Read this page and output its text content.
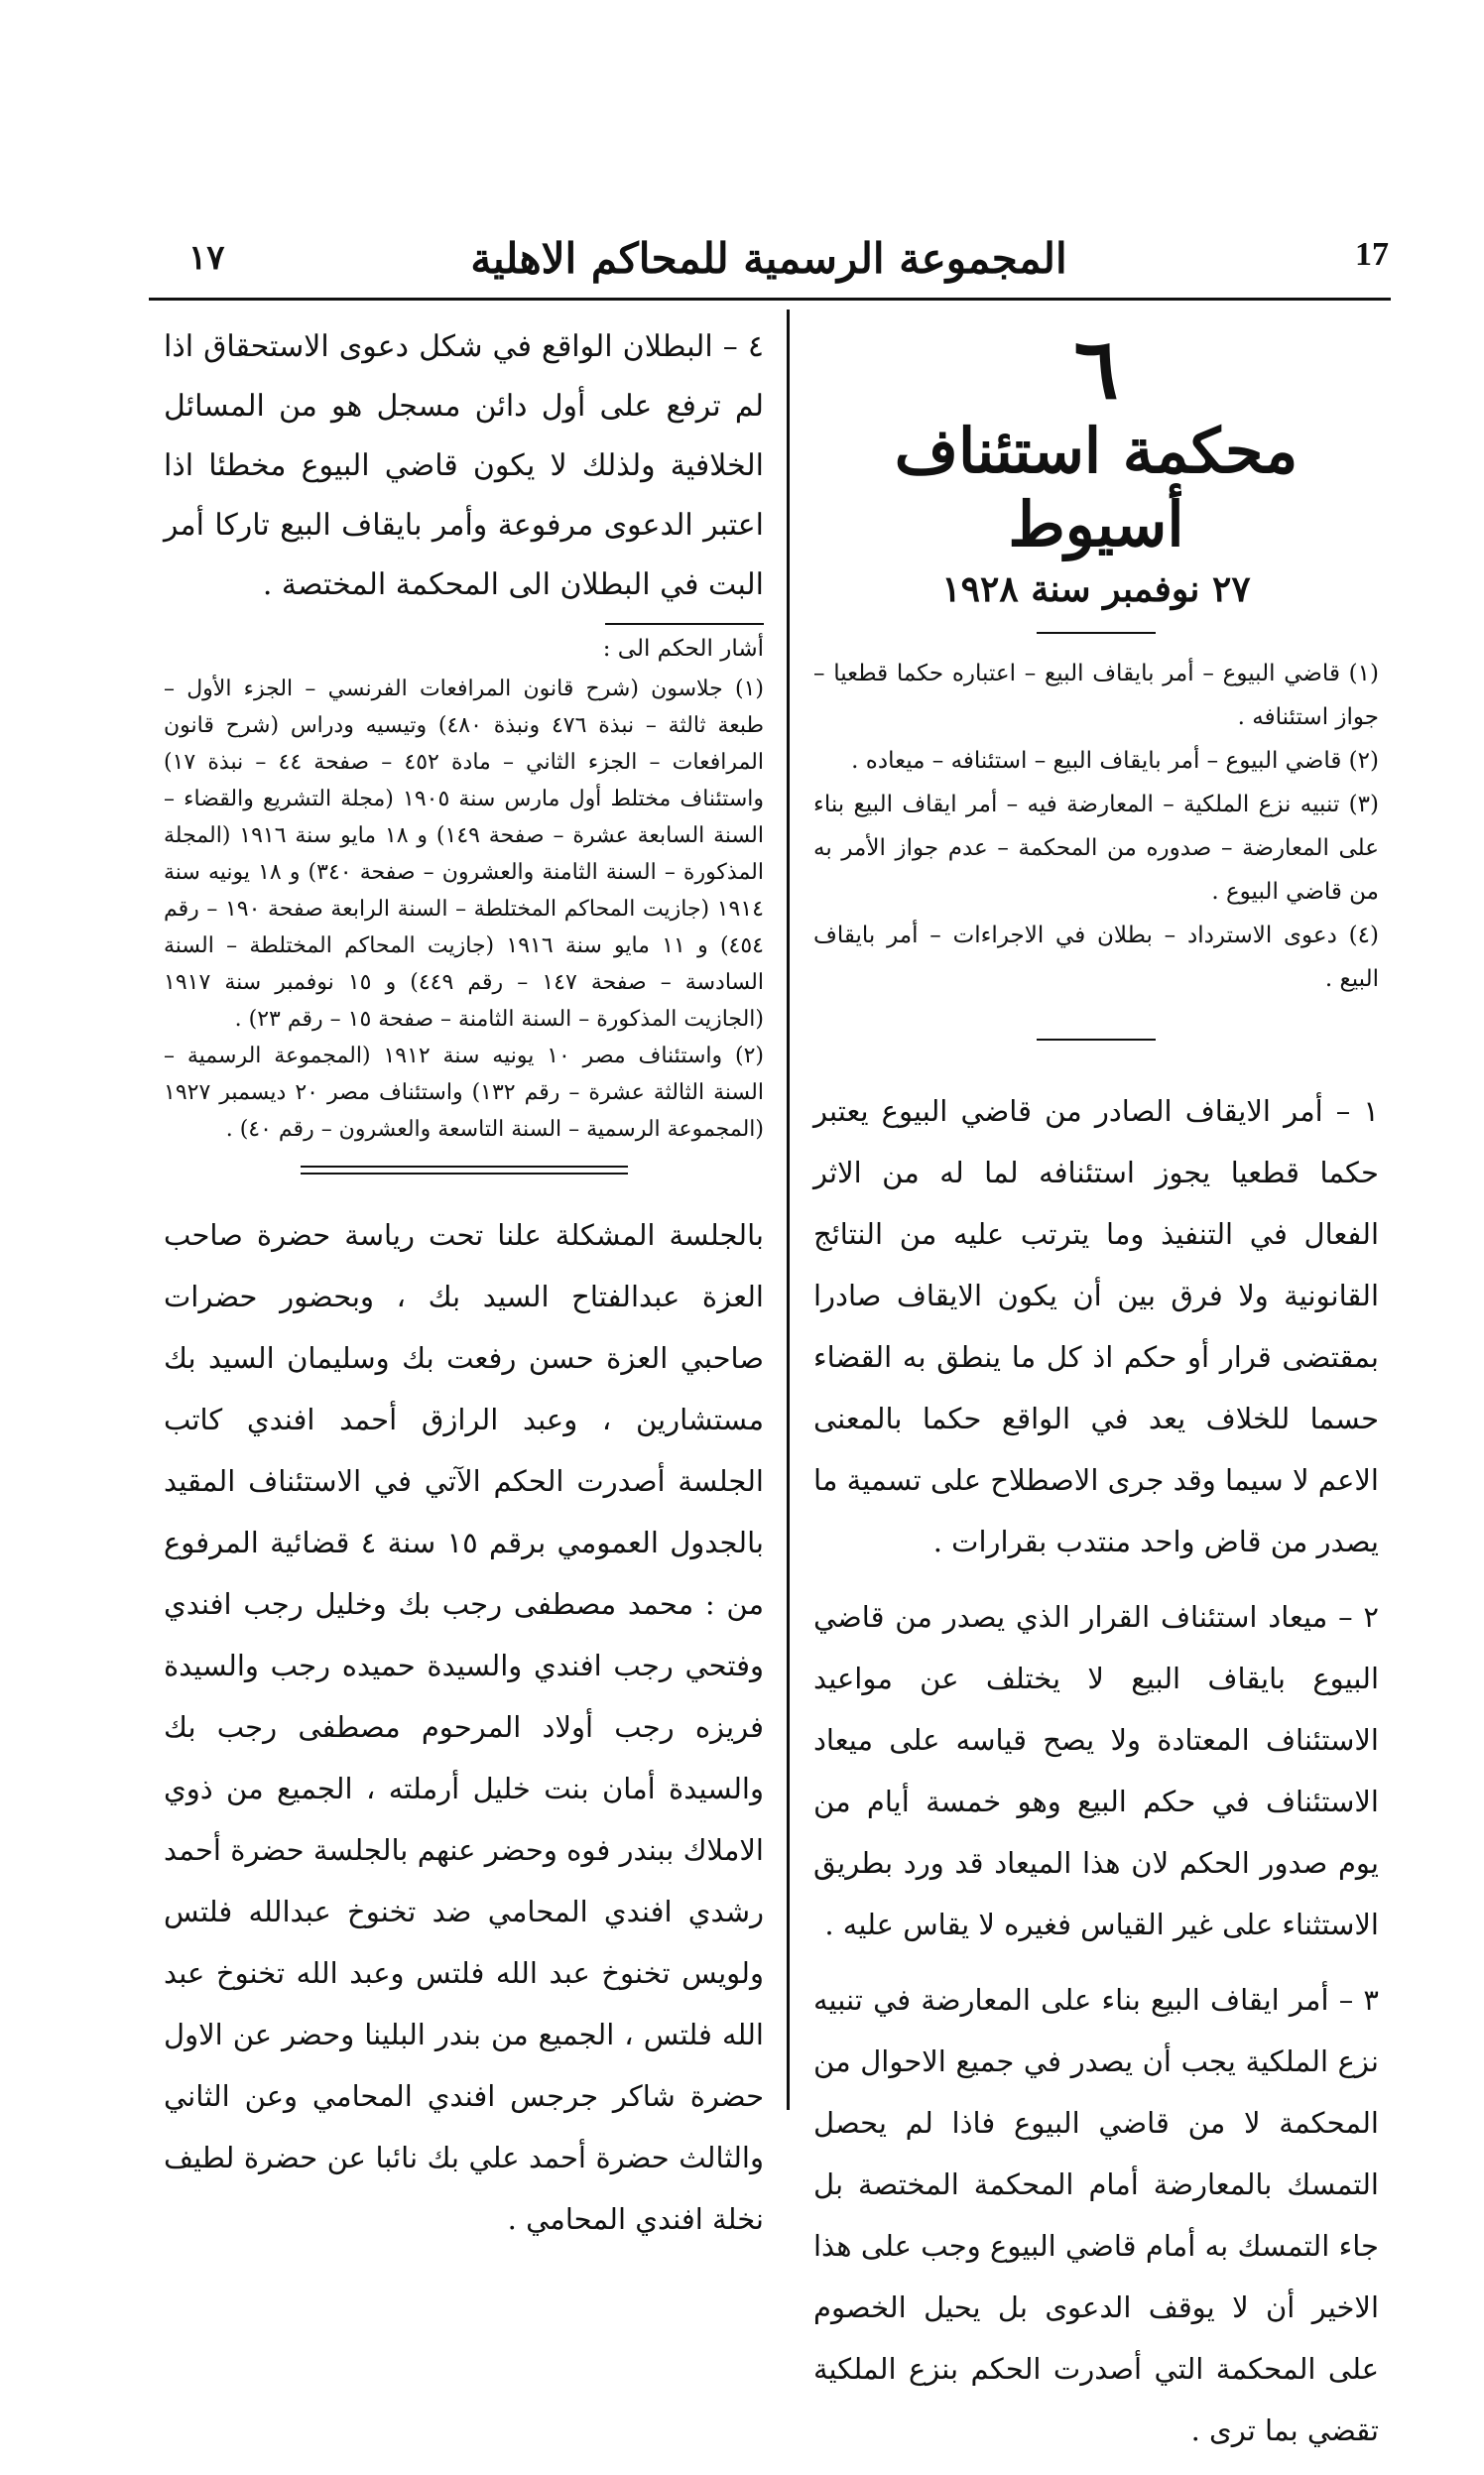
١٧	المجموعة الرسمية للمحاكم الاهلية	17
٦
محكمة استئناف أسيوط
٢٧ نوفمبر سنة ١٩٢٨

(١) قاضي البيوع – أمر بايقاف البيع – اعتباره حكما قطعيا – جواز استئنافه .

(٢) قاضي البيوع – أمر بايقاف البيع – استئنافه – ميعاده .

(٣) تنبيه نزع الملكية – المعارضة فيه – أمر ايقاف البيع بناء على المعارضة – صدوره من المحكمة – عدم جواز الأمر به من قاضي البيوع .

(٤) دعوى الاسترداد – بطلان في الاجراءات – أمر بايقاف البيع .

١ – أمر الايقاف الصادر من قاضي البيوع يعتبر حكما قطعيا يجوز استئنافه لما له من الاثر الفعال في التنفيذ وما يترتب عليه من النتائج القانونية ولا فرق بين أن يكون الايقاف صادرا بمقتضى قرار أو حكم اذ كل ما ينطق به القضاء حسما للخلاف يعد في الواقع حكما بالمعنى الاعم لا سيما وقد جرى الاصطلاح على تسمية ما يصدر من قاض واحد منتدب بقرارات .

٢ – ميعاد استئناف القرار الذي يصدر من قاضي البيوع بايقاف البيع لا يختلف عن مواعيد الاستئناف المعتادة ولا يصح قياسه على ميعاد الاستئناف في حكم البيع وهو خمسة أيام من يوم صدور الحكم لان هذا الميعاد قد ورد بطريق الاستثناء على غير القياس فغيره لا يقاس عليه .

٣ – أمر ايقاف البيع بناء على المعارضة في تنبيه نزع الملكية يجب أن يصدر في جميع الاحوال من المحكمة لا من قاضي البيوع فاذا لم يحصل التمسك بالمعارضة أمام المحكمة المختصة بل جاء التمسك به أمام قاضي البيوع وجب على هذا الاخير أن لا يوقف الدعوى بل يحيل الخصوم على المحكمة التي أصدرت الحكم بنزع الملكية تقضي بما ترى .

٤ – البطلان الواقع في شكل دعوى الاستحقاق اذا لم ترفع على أول دائن مسجل هو من المسائل الخلافية ولذلك لا يكون قاضي البيوع مخطئا اذا اعتبر الدعوى مرفوعة وأمر بايقاف البيع تاركا أمر البت في البطلان الى المحكمة المختصة .

أشار الحكم الى :

(١) جلاسون (شرح قانون المرافعات الفرنسي – الجزء الأول – طبعة ثالثة – نبذة ٤٧٦ ونبذة ٤٨٠) وتيسيه ودراس (شرح قانون المرافعات – الجزء الثاني – مادة ٤٥٢ – صفحة ٤٤ – نبذة ١٧) واستئناف مختلط أول مارس سنة ١٩٠٥ (مجلة التشريع والقضاء – السنة السابعة عشرة – صفحة ١٤٩) و ١٨ مايو سنة ١٩١٦ (المجلة المذكورة – السنة الثامنة والعشرون – صفحة ٣٤٠) و ١٨ يونيه سنة ١٩١٤ (جازيت المحاكم المختلطة – السنة الرابعة صفحة ١٩٠ – رقم ٤٥٤) و ١١ مايو سنة ١٩١٦ (جازيت المحاكم المختلطة – السنة السادسة – صفحة ١٤٧ – رقم ٤٤٩) و ١٥ نوفمبر سنة ١٩١٧ (الجازيت المذكورة – السنة الثامنة – صفحة ١٥ – رقم ٢٣) .

(٢) واستئناف مصر ١٠ يونيه سنة ١٩١٢ (المجموعة الرسمية – السنة الثالثة عشرة – رقم ١٣٢) واستئناف مصر ٢٠ ديسمبر ١٩٢٧ (المجموعة الرسمية – السنة التاسعة والعشرون – رقم ٤٠) .

بالجلسة المشكلة علنا تحت رياسة حضرة صاحب العزة عبدالفتاح السيد بك ، وبحضور حضرات صاحبي العزة حسن رفعت بك وسليمان السيد بك مستشارين ، وعبد الرازق أحمد افندي كاتب الجلسة أصدرت الحكم الآتي في الاستئناف المقيد بالجدول العمومي برقم ١٥ سنة ٤ قضائية المرفوع من : محمد مصطفى رجب بك وخليل رجب افندي وفتحي رجب افندي والسيدة حميده رجب والسيدة فريزه رجب أولاد المرحوم مصطفى رجب بك والسيدة أمان بنت خليل أرملته ، الجميع من ذوي الاملاك ببندر فوه وحضر عنهم بالجلسة حضرة أحمد رشدي افندي المحامي ضد تخنوخ عبدالله فلتس ولويس تخنوخ عبد الله فلتس وعبد الله تخنوخ عبد الله فلتس ، الجميع من بندر البلينا وحضر عن الاول حضرة شاكر جرجس افندي المحامي وعن الثاني والثالث حضرة أحمد علي بك نائبا عن حضرة لطيف نخلة افندي المحامي .
